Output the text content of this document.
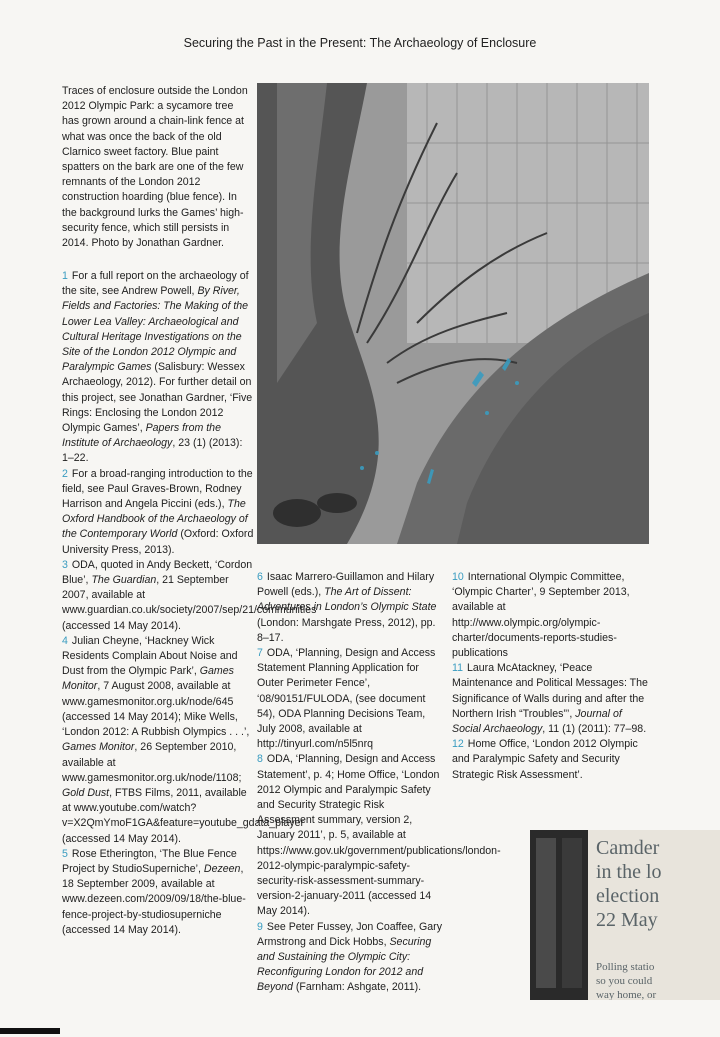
Securing the Past in the Present: The Archaeology of Enclosure
Traces of enclosure outside the London 2012 Olympic Park: a sycamore tree has grown around a chain-link fence at what was once the back of the old Clarnico sweet factory. Blue paint spatters on the bark are one of the few remnants of the London 2012 construction hoarding (blue fence). In the background lurks the Games’ high-security fence, which still persists in 2014. Photo by Jonathan Gardner.

1 For a full report on the archaeology of the site, see Andrew Powell, By River, Fields and Factories: The Making of the Lower Lea Valley: Archaeological and Cultural Heritage Investigations on the Site of the London 2012 Olympic and Paralympic Games (Salisbury: Wessex Archaeology, 2012). For further detail on this project, see Jonathan Gardner, ‘Five Rings: Enclosing the London 2012 Olympic Games’, Papers from the Institute of Archaeology, 23 (1) (2013): 1–22.

2 For a broad-ranging introduction to the field, see Paul Graves-Brown, Rodney Harrison and Angela Piccini (eds.), The Oxford Handbook of the Archaeology of the Contemporary World (Oxford: Oxford University Press, 2013).

3 ODA, quoted in Andy Beckett, ‘Cordon Blue’, The Guardian, 21 September 2007, available at www.guardian.co.uk/society/2007/sep/21/communities (accessed 14 May 2014).

4 Julian Cheyne, ‘Hackney Wick Residents Complain About Noise and Dust from the Olympic Park’, Games Monitor, 7 August 2008, available at www.gamesmonitor.org.uk/node/645 (accessed 14 May 2014); Mike Wells, ‘London 2012: A Rubbish Olympics . . .’, Games Monitor, 26 September 2010, available at www.gamesmonitor.org.uk/node/1108; Gold Dust, FTBS Films, 2011, available at www.youtube.com/watch?v=X2QmYmoF1GA&feature=youtube_gdata_player (accessed 14 May 2014).

5 Rose Etherington, ‘The Blue Fence Project by StudioSuperniche’, Dezeen, 18 September 2009, available at www.dezeen.com/2009/09/18/the-blue-fence-project-by-studiosuperniche (accessed 14 May 2014).

6 Isaac Marrero-Guillamon and Hilary Powell (eds.), The Art of Dissent: Adventures in London’s Olympic State (London: Marshgate Press, 2012), pp. 8–17.

7 ODA, ‘Planning, Design and Access Statement Planning Application for Outer Perimeter Fence’, ‘08/90151/FULODA, (see document 54), ODA Planning Decisions Team, July 2008, available at http://tinyurl.com/n5l5nrq

8 ODA, ‘Planning, Design and Access Statement’, p. 4; Home Office, ‘London 2012 Olympic and Paralympic Safety and Security Strategic Risk Assessment summary, version 2, January 2011’, p. 5, available at https://www.gov.uk/government/publications/london-2012-olympic-paralympic-safety-security-risk-assessment-summary-version-2-january-2011 (accessed 14 May 2014).

9 See Peter Fussey, Jon Coaffee, Gary Armstrong and Dick Hobbs, Securing and Sustaining the Olympic City: Reconfiguring London for 2012 and Beyond (Farnham: Ashgate, 2011).

10 International Olympic Committee, ‘Olympic Charter’, 9 September 2013, available at http://www.olympic.org/olympic-charter/documents-reports-studies-publications

11 Laura McAtackney, ‘Peace Maintenance and Political Messages: The Significance of Walls during and after the Northern Irish “Troubles”’, Journal of Social Archaeology, 11 (1) (2011): 77–98.

12 Home Office, ‘London 2012 Olympic and Paralympic Safety and Security Strategic Risk Assessment’.

Camder
in the lo
election
22 May
Polling statio
so you could
way home, or
